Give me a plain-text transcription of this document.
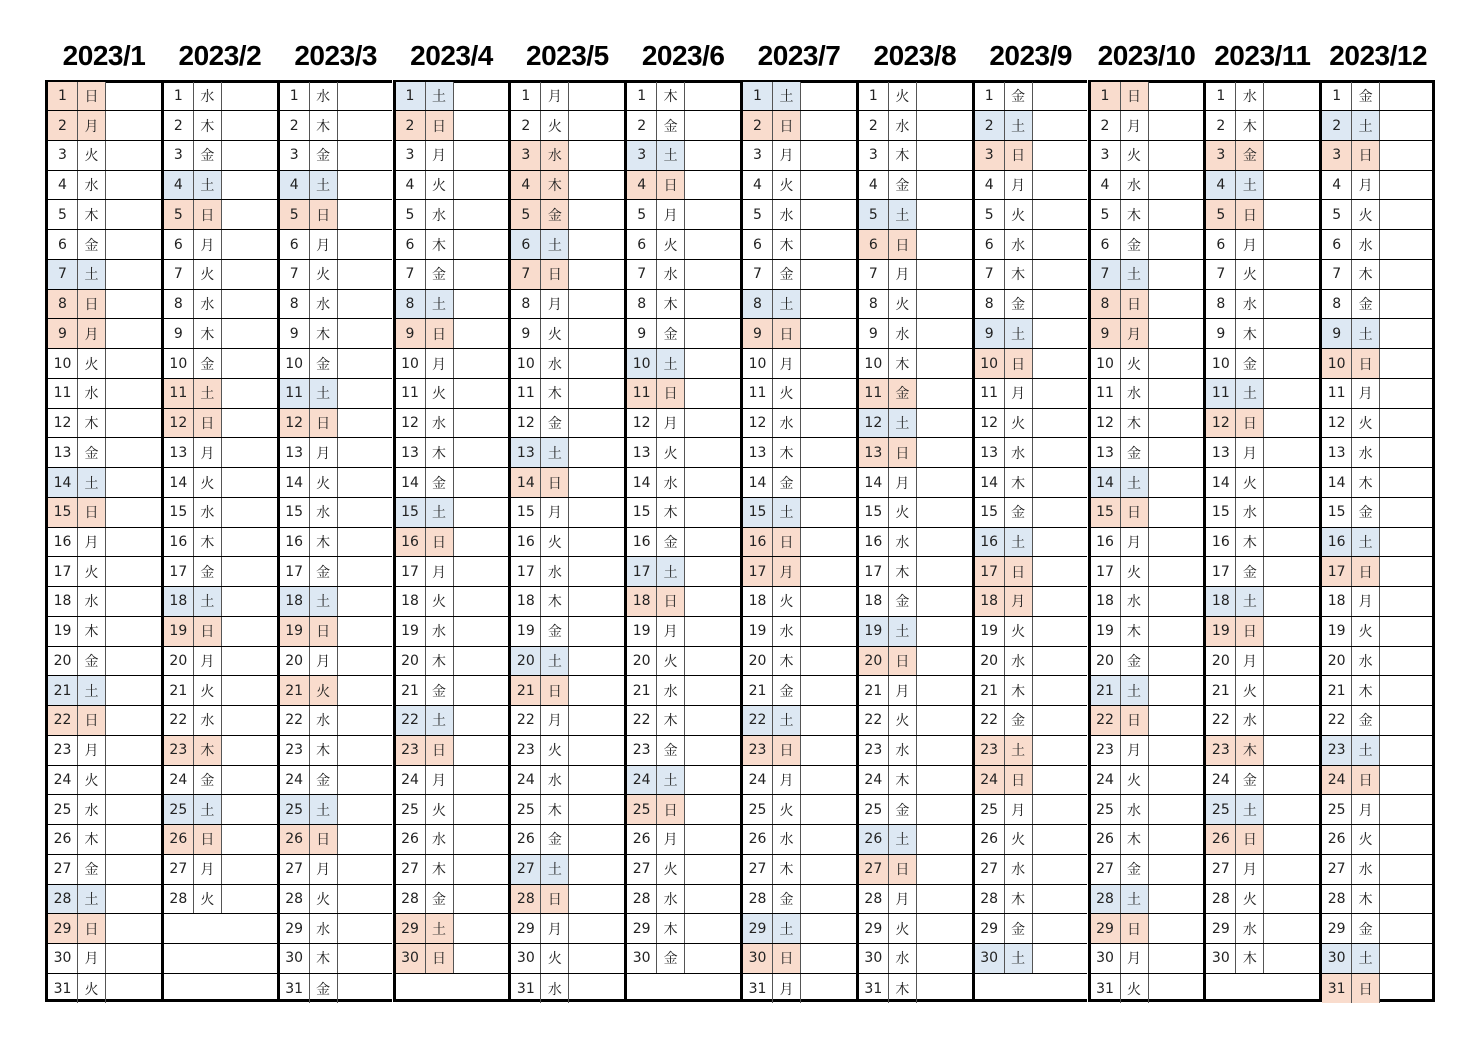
2023/1
1	日
2	月
3	火
4	水
5	木
6	金
7	土
8	日
9	月
10 火
11 水
12 木
13 金
14 土
15 日
16 月
17 火
18 水
19 木
20 金
21 土
22 日
23 月
24 火
25 水
26 木
27 金
28 土
29 日
30 月
31 火
2023/2
1	水
2	木
3	金
4	土
5	日
6	月
7	火
8	水
9	木
10 金
11 土
12 日
13 月
14 火
15 水
16 木
17 金
18 土
19 日
20 月
21 火
22 水
23 木
24 金
25 土
26 日
27 月
28 火
2023/3
1	水
2	木
3	金
4	土
5	日
6	月
7	火
8	水
9	木
10 金
11 土
12 日
13 月
14 火
15 水
16 木
17 金
18 土
19 日
20 月
21 火
22 水
23 木
24 金
25 土
26 日
27 月
28 火
29 水
30 木
31 金
2023/4
1	土
2	日
3	月
4	火
5	水
6	木
7	金
8	土
9	日
10 月
11 火
12 水
13 木
14 金
15 土
16 日
17 月
18 火
19 水
20 木
21 金
22 土
23 日
24 月
25 火
26 水
27 木
28 金
29 土
30 日
2023/5
1	月
2	火
3	水
4	木
5	金
6	土
7	日
8	月
9	火
10 水
11 木
12 金
13 土
14 日
15 月
16 火
17 水
18 木
19 金
20 土
21 日
22 月
23 火
24 水
25 木
26 金
27 土
28 日
29 月
30 火
31 水
2023/6
1	木
2	金
3	土
4	日
5	月
6	火
7	水
8	木
9	金
10 土
11 日
12 月
13 火
14 水
15 木
16 金
17 土
18 日
19 月
20 火
21 水
22 木
23 金
24 土
25 日
26 月
27 火
28 水
29 木
30 金
2023/7
1	土
2	日
3	月
4	火
5	水
6	木
7	金
8	土
9	日
10 月
11 火
12 水
13 木
14 金
15 土
16 日
17 月
18 火
19 水
20 木
21 金
22 土
23 日
24 月
25 火
26 水
27 木
28 金
29 土
30 日
31 月
2023/8
1	火
2	水
3	木
4	金
5	土
6	日
7	月
8	火
9	水
10 木
11 金
12 土
13 日
14 月
15 火
16 水
17 木
18 金
19 土
20 日
21 月
22 火
23 水
24 木
25 金
26 土
27 日
28 月
29 火
30 水
31 木
2023/9
1	金
2	土
3	日
4	月
5	火
6	水
7	木
8	金
9	土
10 日
11 月
12 火
13 水
14 木
15 金
16 土
17 日
18 月
19 火
20 水
21 木
22 金
23 土
24 日
25 月
26 火
27 水
28 木
29 金
30 土
2023/10
1	日
2	月
3	火
4	水
5	木
6	金
7	土
8	日
9	月
10 火
11 水
12 木
13 金
14 土
15 日
16 月
17 火
18 水
19 木
20 金
21 土
22 日
23 月
24 火
25 水
26 木
27 金
28 土
29 日
30 月
31 火
2023/11
1	水
2	木
3	金
4	土
5	日
6	月
7	火
8	水
9	木
10 金
11 土
12 日
13 月
14 火
15 水
16 木
17 金
18 土
19 日
20 月
21 火
22 水
23 木
24 金
25 土
26 日
27 月
28 火
29 水
30 木
2023/12
1	金
2	土
3	日
4	月
5	火
6	水
7	木
8	金
9	土
10 日
11 月
12 火
13 水
14 木
15 金
16 土
17 日
18 月
19 火
20 水
21 木
22 金
23 土
24 日
25 月
26 火
27 水
28 木
29 金
30 土
31 日
